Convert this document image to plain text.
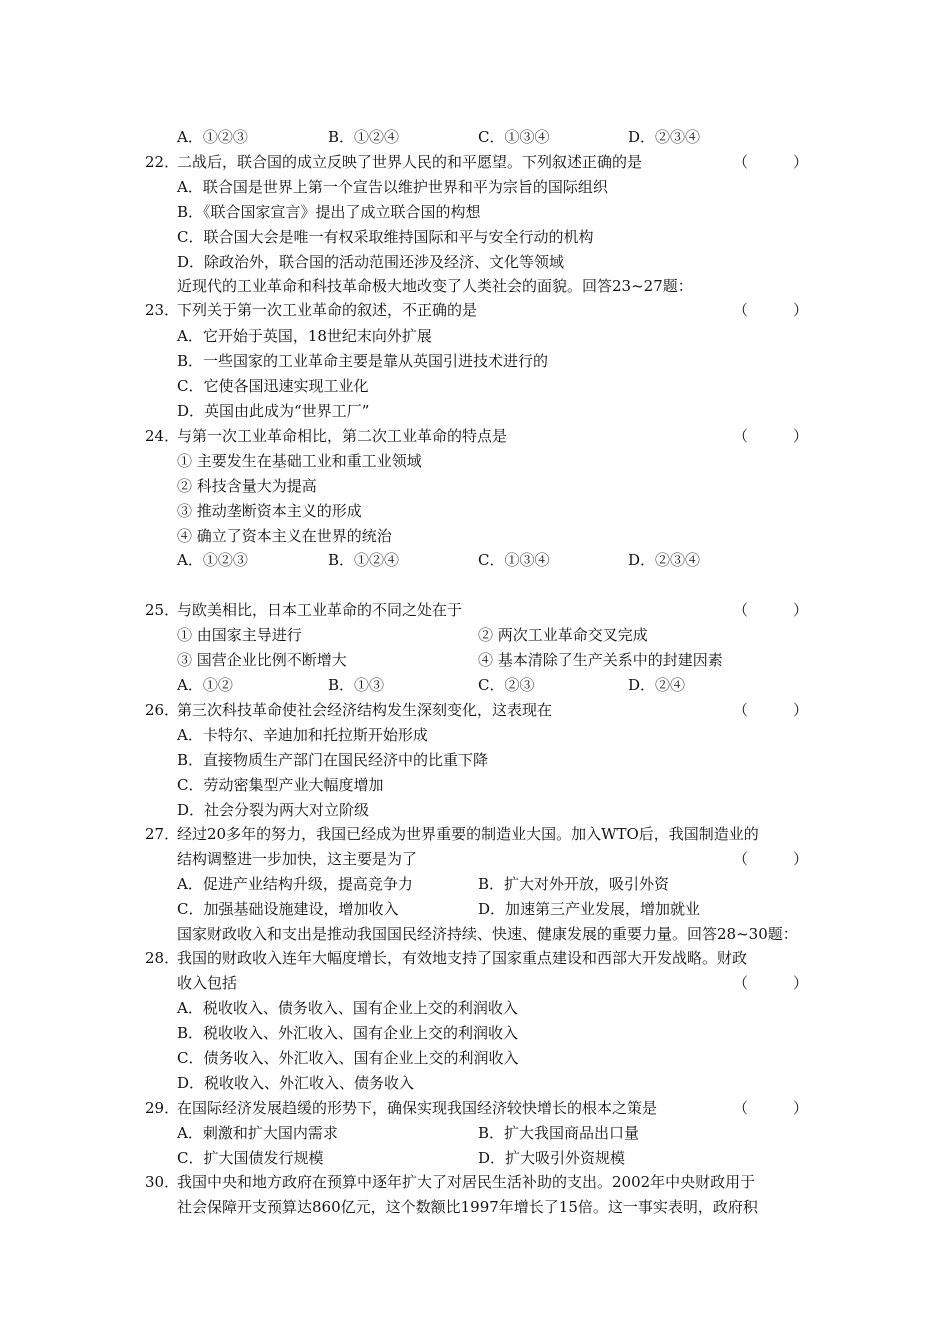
A．①②③	B．①②④	C．①③④	D．②③④
22．
二战后，联合国的成立反映了世界人民的和平愿望。下列叙述正确的是	（　　　）
A．联合国是世界上第一个宣告以维护世界和平为宗旨的国际组织
B．《联合国家宣言》提出了成立联合国的构想
C．联合国大会是唯一有权采取维持国际和平与安全行动的机构
D．除政治外，联合国的活动范围还涉及经济、文化等领域
近现代的工业革命和科技革命极大地改变了人类社会的面貌。回答23~27题：
23．
下列关于第一次工业革命的叙述，不正确的是	（　　　）
A．它开始于英国，18世纪末向外扩展
B．一些国家的工业革命主要是靠从英国引进技术进行的
C．它使各国迅速实现工业化
D．英国由此成为“世界工厂”
24．
与第一次工业革命相比，第二次工业革命的特点是	（　　　）
① 主要发生在基础工业和重工业领域
② 科技含量大为提高
③ 推动垄断资本主义的形成
④ 确立了资本主义在世界的统治
A．①②③	B．①②④	C．①③④	D．②③④
25．
与欧美相比，日本工业革命的不同之处在于	（　　　）
① 由国家主导进行	② 两次工业革命交叉完成
③ 国营企业比例不断增大	④ 基本清除了生产关系中的封建因素
A．①②	B．①③	C．②③	D．②④
26．
第三次科技革命使社会经济结构发生深刻变化，这表现在	（　　　）
A．卡特尔、辛迪加和托拉斯开始形成
B．直接物质生产部门在国民经济中的比重下降
C．劳动密集型产业大幅度增加
D．社会分裂为两大对立阶级
27．
经过20多年的努力，我国已经成为世界重要的制造业大国。加入WTO后，我国制造业的
结构调整进一步加快，这主要是为了	（　　　）
A．促进产业结构升级，提高竞争力	B．扩大对外开放，吸引外资
C．加强基础设施建设，增加收入	D．加速第三产业发展，增加就业
国家财政收入和支出是推动我国国民经济持续、快速、健康发展的重要力量。回答28~30题：
28．
我国的财政收入连年大幅度增长，有效地支持了国家重点建设和西部大开发战略。财政
收入包括	（　　　）
A．税收收入、债务收入、国有企业上交的利润收入
B．税收收入、外汇收入、国有企业上交的利润收入
C．债务收入、外汇收入、国有企业上交的利润收入
D．税收收入、外汇收入、债务收入
29．
在国际经济发展趋缓的形势下，确保实现我国经济较快增长的根本之策是	（　　　）
A．刺激和扩大国内需求	B．扩大我国商品出口量
C．扩大国债发行规模	D．扩大吸引外资规模
30．
我国中央和地方政府在预算中逐年扩大了对居民生活补助的支出。2002年中央财政用于
社会保障开支预算达860亿元，这个数额比1997年增长了15倍。这一事实表明，政府积
